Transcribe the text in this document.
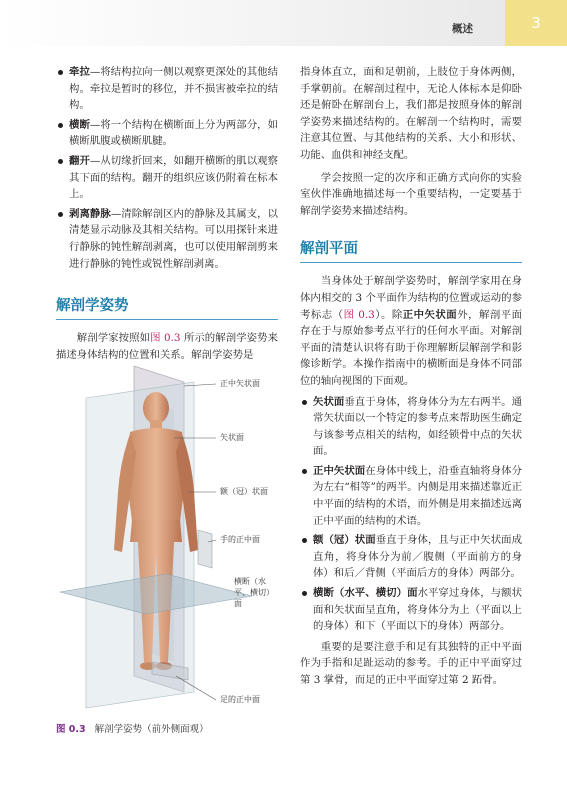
概述	3
牵拉—将结构拉向一侧以观察更深处的其他结构。牵拉是暂时的移位，并不损害被牵拉的结构。
横断—将一个结构在横断面上分为两部分，如横断肌腹或横断肌腱。
翻开—从切缘折回来，如翻开横断的肌以观察其下面的结构。翻开的组织应该仍附着在标本上。
剥离静脉—清除解剖区内的静脉及其属支，以清楚显示动脉及其相关结构。可以用探针来进行静脉的钝性解剖剥离，也可以使用解剖剪来进行静脉的钝性或锐性解剖剥离。
解剖学姿势

解剖学家按照如图 0.3 所示的解剖学姿势来描述身体结构的位置和关系。解剖学姿势是

正中矢状面
矢状面
额（冠）状面
手的正中面
横断（水平、横切）面
足的正中面
图 0.3 解剖学姿势（前外侧面观）

指身体直立，面和足朝前，上肢位于身体两侧，手掌朝前。在解剖过程中，无论人体标本是仰卧还是俯卧在解剖台上，我们都是按照身体的解剖学姿势来描述结构的。在解剖一个结构时，需要注意其位置、与其他结构的关系、大小和形状、功能、血供和神经支配。

学会按照一定的次序和正确方式向你的实验室伙伴准确地描述每一个重要结构，一定要基于解剖学姿势来描述结构。

解剖平面

当身体处于解剖学姿势时，解剖学家用在身体内相交的 3 个平面作为结构的位置或运动的参考标志（图 0.3）。除正中矢状面外，解剖平面存在于与原始参考点平行的任何水平面。对解剖平面的清楚认识将有助于你理解断层解剖学和影像诊断学。本操作指南中的横断面是身体不同部位的轴向视图的下面观。

矢状面垂直于身体，将身体分为左右两半。通常矢状面以一个特定的参考点来帮助医生确定与该参考点相关的结构，如经锁骨中点的矢状面。
正中矢状面在身体中线上，沿垂直轴将身体分为左右“相等”的两半。内侧是用来描述靠近正中平面的结构的术语，而外侧是用来描述远离正中平面的结构的术语。
额（冠）状面垂直于身体，且与正中矢状面成直角，将身体分为前／腹侧（平面前方的身体）和后／背侧（平面后方的身体）两部分。
横断（水平、横切）面水平穿过身体，与额状面和矢状面呈直角，将身体分为上（平面以上的身体）和下（平面以下的身体）两部分。

重要的是要注意手和足有其独特的正中平面作为手指和足趾运动的参考。手的正中平面穿过第 3 掌骨，而足的正中平面穿过第 2 跖骨。
